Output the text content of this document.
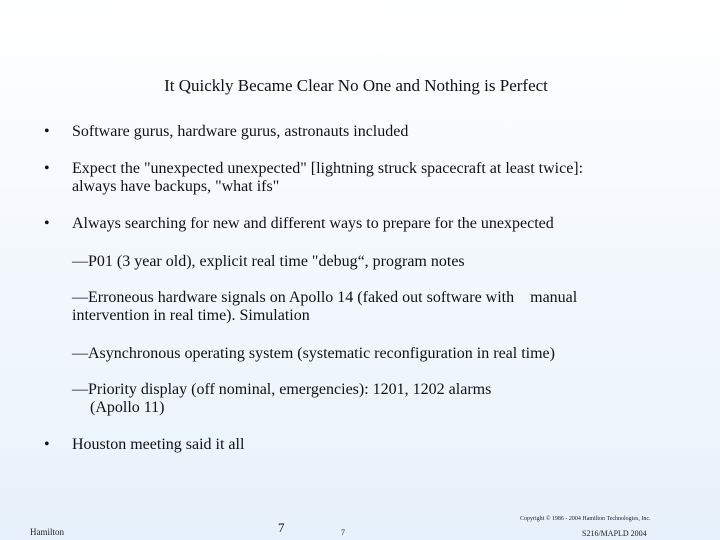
It Quickly Became Clear No One and Nothing is Perfect
• Software gurus, hardware gurus, astronauts included
• Expect the "unexpected unexpected" [lightning struck spacecraft at least twice]:
always have backups, "what ifs"
• Always searching for new and different ways to prepare for the unexpected
—P01 (3 year old), explicit real time "debug“, program notes
—Erroneous hardware signals on Apollo 14 (faked out software with    manual
intervention in real time). Simulation
—Asynchronous operating system (systematic reconfiguration in real time)
—Priority display (off nominal, emergencies): 1201, 1202 alarms
(Apollo 11)
• Houston meeting said it all
Hamilton	7	7
Copyright © 1986 - 2004 Hamilton Technologies, Inc.
S216/MAPLD 2004
